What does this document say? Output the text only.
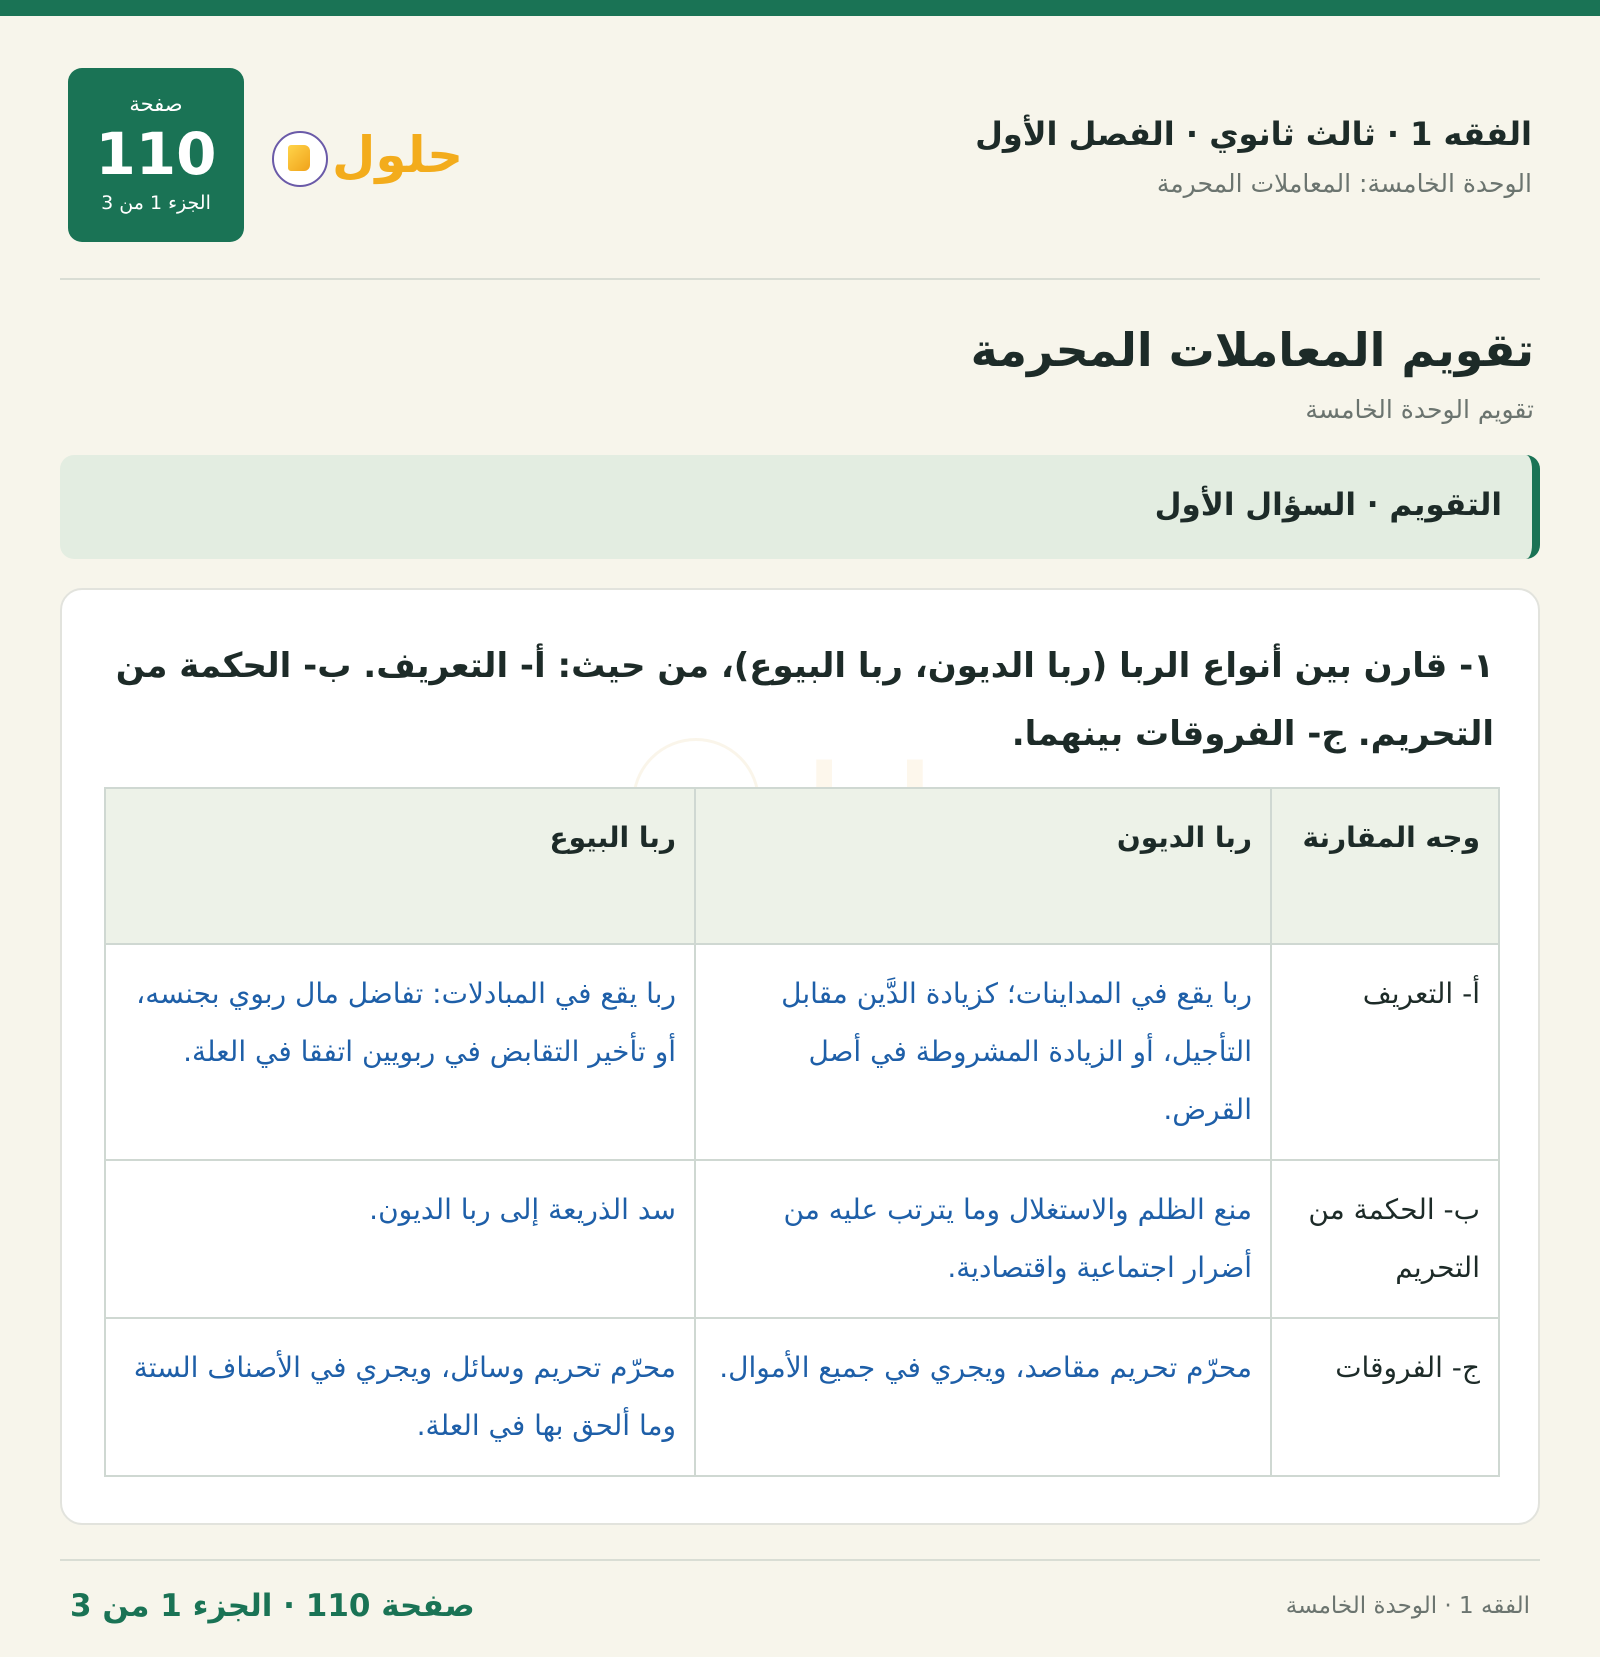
الفقه 1 · ثالث ثانوي · الفصل الأول
الوحدة الخامسة: المعاملات المحرمة
حلول
صفحة
110
الجزء 1 من 3
تقويم المعاملات المحرمة
تقويم الوحدة الخامسة
التقويم · السؤال الأول
١- قارن بين أنواع الربا (ربا الديون، ربا البيوع)، من حيث: أ- التعريف. ب- الحكمة من التحريم. ج- الفروقات بينهما.
وجه المقارنة	ربا الديون	ربا البيوع
أ- التعريف	ربا يقع في المداينات؛ كزيادة الدَّين مقابل التأجيل، أو الزيادة المشروطة في أصل القرض.	ربا يقع في المبادلات: تفاضل مال ربوي بجنسه، أو تأخير التقابض في ربويين اتفقا في العلة.
ب- الحكمة من التحريم	منع الظلم والاستغلال وما يترتب عليه من أضرار اجتماعية واقتصادية.	سد الذريعة إلى ربا الديون.
ج- الفروقات	محرّم تحريم مقاصد، ويجري في جميع الأموال.	محرّم تحريم وسائل، ويجري في الأصناف الستة وما ألحق بها في العلة.
صفحة 110 · الجزء 1 من 3	الفقه 1 · الوحدة الخامسة
